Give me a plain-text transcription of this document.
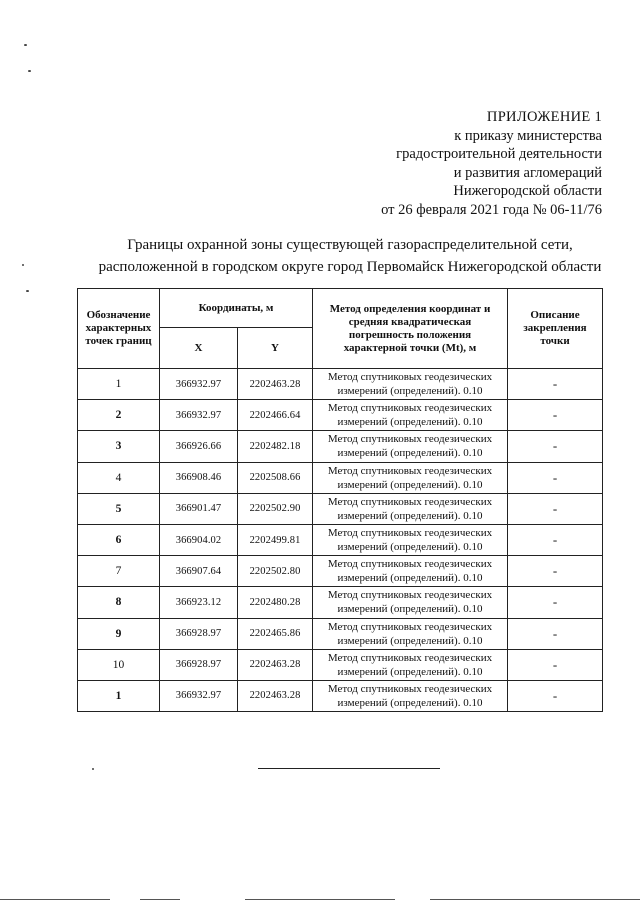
ПРИЛОЖЕНИЕ 1
к приказу министерства
градостроительной деятельности
и развития агломераций
Нижегородской области
от 26 февраля 2021 года № 06-11/76
Границы охранной зоны существующей газораспределительной сети,
расположенной в городском округе город Первомайск Нижегородской области
Обозначение характерных точек границ	Координаты, м		Метод определения координат и средняя квадратическая погрешность положения характерной точки (Mt), м	Описание закрепления точки
	X	Y		
1	366932.97	2202463.28	Метод спутниковых геодезических измерений (определений). 0.10	-
2	366932.97	2202466.64	Метод спутниковых геодезических измерений (определений). 0.10	-
3	366926.66	2202482.18	Метод спутниковых геодезических измерений (определений). 0.10	-
4	366908.46	2202508.66	Метод спутниковых геодезических измерений (определений). 0.10	-
5	366901.47	2202502.90	Метод спутниковых геодезических измерений (определений). 0.10	-
6	366904.02	2202499.81	Метод спутниковых геодезических измерений (определений). 0.10	-
7	366907.64	2202502.80	Метод спутниковых геодезических измерений (определений). 0.10	-
8	366923.12	2202480.28	Метод спутниковых геодезических измерений (определений). 0.10	-
9	366928.97	2202465.86	Метод спутниковых геодезических измерений (определений). 0.10	-
10	366928.97	2202463.28	Метод спутниковых геодезических измерений (определений). 0.10	-
1	366932.97	2202463.28	Метод спутниковых геодезических измерений (определений). 0.10	-
